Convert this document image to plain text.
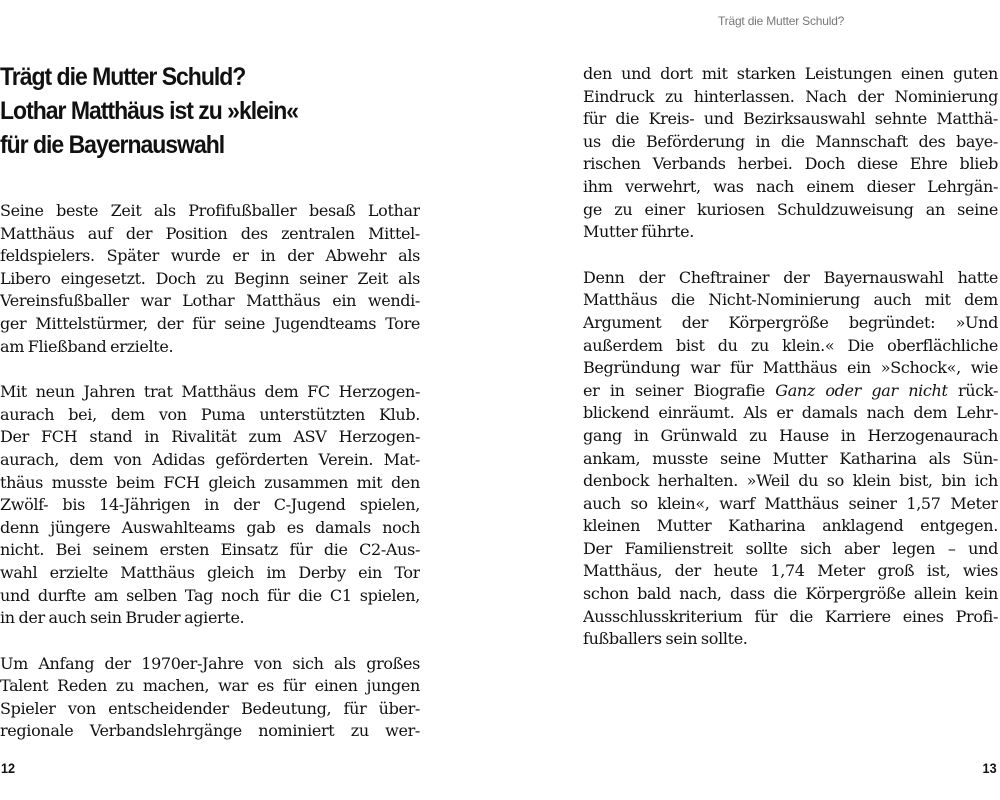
Trägt die Mutter Schuld?
Trägt die Mutter Schuld?
Lothar Matthäus ist zu »klein«
für die Bayernauswahl

Seine beste Zeit als Profifußballer besaß Lothar
Matthäus auf der Position des zentralen Mittel-
feldspielers. Später wurde er in der Abwehr als
Libero eingesetzt. Doch zu Beginn seiner Zeit als
Vereinsfußballer war Lothar Matthäus ein wendi-
ger Mittelstürmer, der für seine Jugendteams Tore
am Fließband erzielte.

Mit neun Jahren trat Matthäus dem FC Herzogen-
aurach bei, dem von Puma unterstützten Klub.
Der FCH stand in Rivalität zum ASV Herzogen-
aurach, dem von Adidas geförderten Verein. Mat-
thäus musste beim FCH gleich zusammen mit den
Zwölf- bis 14-Jährigen in der C-Jugend spielen,
denn jüngere Auswahlteams gab es damals noch
nicht. Bei seinem ersten Einsatz für die C2-Aus-
wahl erzielte Matthäus gleich im Derby ein Tor
und durfte am selben Tag noch für die C1 spielen,
in der auch sein Bruder agierte.

Um Anfang der 1970er-Jahre von sich als großes
Talent Reden zu machen, war es für einen jungen
Spieler von entscheidender Bedeutung, für über-
regionale Verbandslehrgänge nominiert zu wer-

12

den und dort mit starken Leistungen einen guten
Eindruck zu hinterlassen. Nach der Nominierung
für die Kreis- und Bezirksauswahl sehnte Matthä-
us die Beförderung in die Mannschaft des baye-
rischen Verbands herbei. Doch diese Ehre blieb
ihm verwehrt, was nach einem dieser Lehrgän-
ge zu einer kuriosen Schuldzuweisung an seine
Mutter führte.

Denn der Cheftrainer der Bayernauswahl hatte
Matthäus die Nicht-Nominierung auch mit dem
Argument der Körpergröße begründet: »Und
außerdem bist du zu klein.« Die oberflächliche
Begründung war für Matthäus ein »Schock«, wie
er in seiner Biografie Ganz oder gar nicht rück-
blickend einräumt. Als er damals nach dem Lehr-
gang in Grünwald zu Hause in Herzogenaurach
ankam, musste seine Mutter Katharina als Sün-
denbock herhalten. »Weil du so klein bist, bin ich
auch so klein«, warf Matthäus seiner 1,57 Meter
kleinen Mutter Katharina anklagend entgegen.
Der Familienstreit sollte sich aber legen – und
Matthäus, der heute 1,74 Meter groß ist, wies
schon bald nach, dass die Körpergröße allein kein
Ausschlusskriterium für die Karriere eines Profi-
fußballers sein sollte.

13
